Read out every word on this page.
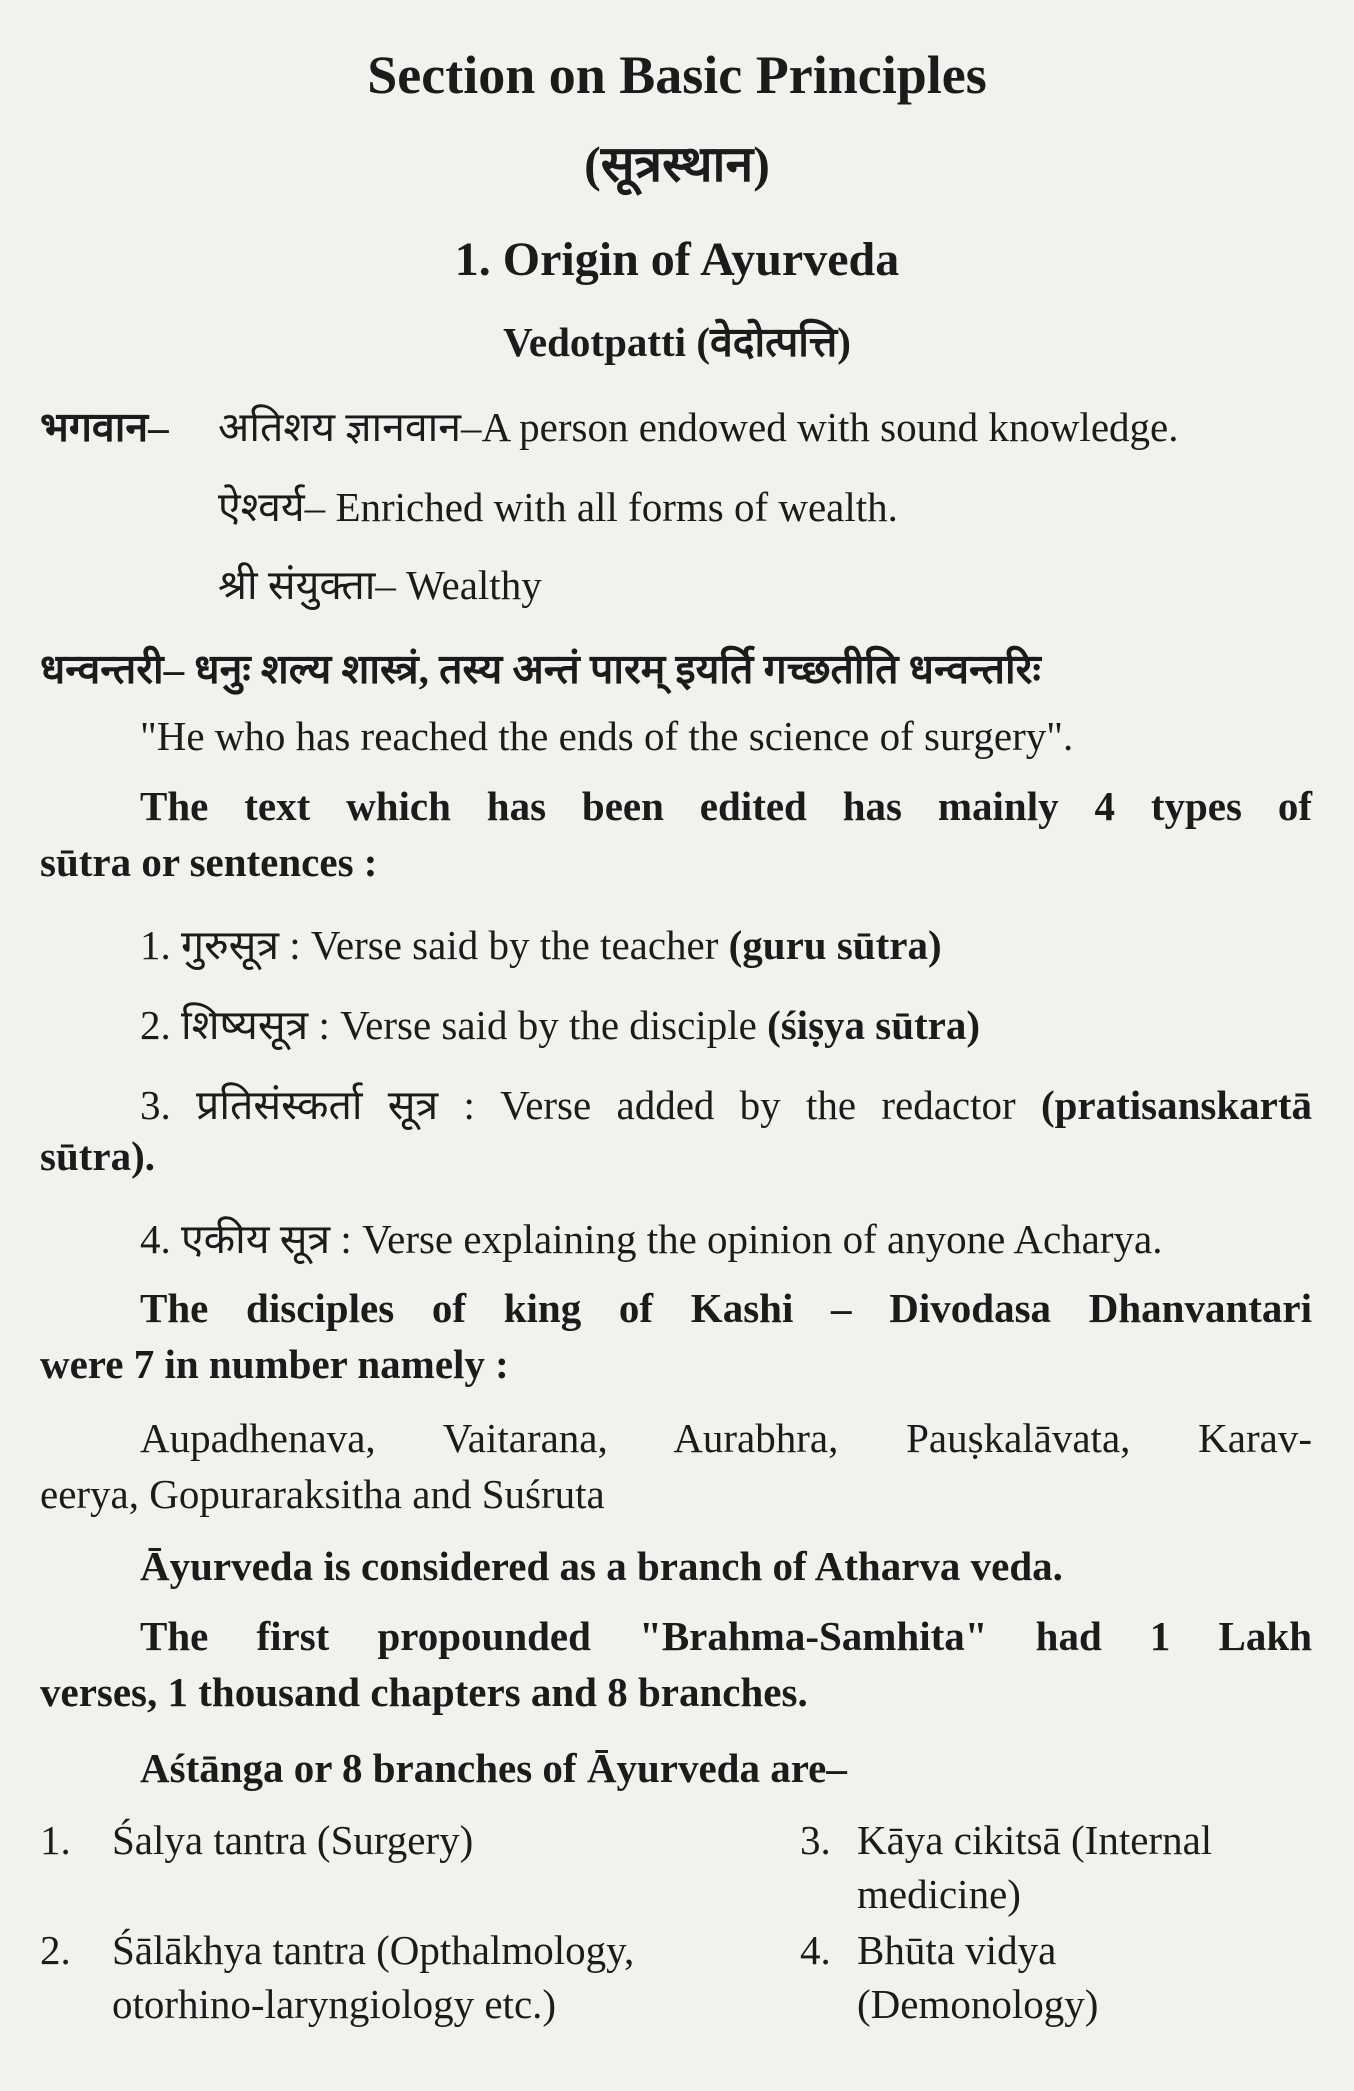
Section on Basic Principles
(सूत्रस्थान)
1. Origin of Ayurveda
Vedotpatti (वेदोत्पत्ति)
भगवान– अतिशय ज्ञानवान–A person endowed with sound knowledge.
ऐश्वर्य– Enriched with all forms of wealth.
श्री संयुक्ता– Wealthy
धन्वन्तरी– धनुः शल्य शास्त्रं, तस्य अन्तं पारम् इयर्ति गच्छतीति धन्वन्तरिः
"He who has reached the ends of the science of surgery".
The text which has been edited has mainly 4 types of
sūtra or sentences :
1. गुरुसूत्र : Verse said by the teacher (guru sūtra)
2. शिष्यसूत्र : Verse said by the disciple (śiṣya sūtra)
3. प्रतिसंस्कर्ता सूत्र : Verse added by the redactor (pratisanskartā
sūtra).
4. एकीय सूत्र : Verse explaining the opinion of anyone Acharya.
The disciples of king of Kashi – Divodasa Dhanvantari
were 7 in number namely :
Aupadhenava, Vaitarana, Aurabhra, Pauṣkalāvata, Karav-
eerya, Gopuraraksitha and Suśruta
Āyurveda is considered as a branch of Atharva veda.
The first propounded "Brahma-Samhita" had 1 Lakh
verses, 1 thousand chapters and 8 branches.
Aśtānga or 8 branches of Āyurveda are–
1. Śalya tantra (Surgery)
2. Śālākhya tantra (Opthalmology,
otorhino-laryngiology etc.)
3. Kāya cikitsā (Internal
medicine)
4. Bhūta vidya
(Demonology)
